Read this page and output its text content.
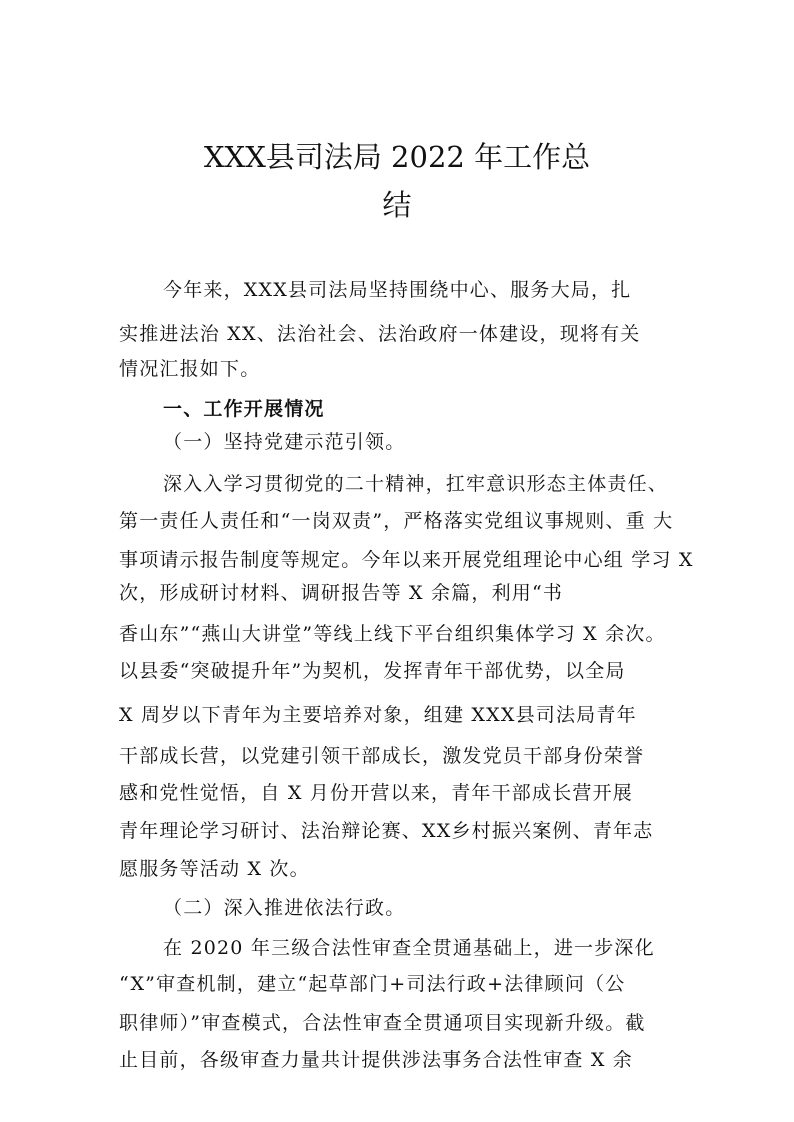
XXX县司法局 2022 年工作总
结
今年来，XXX县司法局坚持围绕中心、服务大局，扎
实推进法治 XX、法治社会、法治政府一体建设，现将有关
情况汇报如下。
一、工作开展情况
（一）坚持党建示范引领。
深入入学习贯彻党的二十精神，扛牢意识形态主体责任、
第一责任人责任和“一岗双责”，严格落实党组议事规则、重 大
事项请示报告制度等规定。今年以来开展党组理论中心组 学习 X
次，形成研讨材料、调研报告等 X 余篇，利用“书
香山东”“燕山大讲堂”等线上线下平台组织集体学习 X 余次。
以县委“突破提升年”为契机，发挥青年干部优势，以全局
X 周岁以下青年为主要培养对象，组建 XXX县司法局青年
干部成长营，以党建引领干部成长，激发党员干部身份荣誉
感和党性觉悟，自 X 月份开营以来，青年干部成长营开展
青年理论学习研讨、法治辩论赛、XX乡村振兴案例、青年志
愿服务等活动 X 次。
（二）深入推进依法行政。
在 2020 年三级合法性审查全贯通基础上，进一步深化
“X”审查机制，建立“起草部门+司法行政+法律顾问（公
职律师）”审查模式，合法性审查全贯通项目实现新升级。截
止目前，各级审查力量共计提供涉法事务合法性审查 X 余
